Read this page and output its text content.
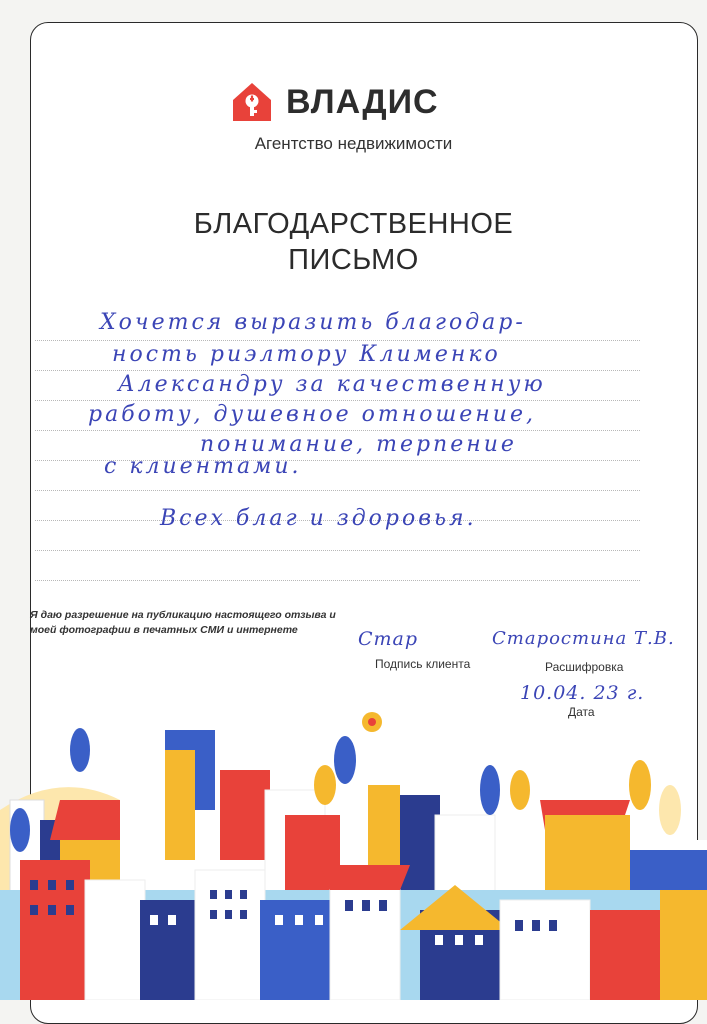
ВЛАДИС
Агентство недвижимости
БЛАГОДАРСТВЕННОЕ
ПИСЬМО
Хочется выразить благодар-
ность риэлтору Клименко
Александру за качественную
работу, душевное отношение,
понимание, терпение
с клиентами.
Всех благ и здоровья.
Я даю разрешение на публикацию настоящего отзыва и моей фотографии в печатных СМИ и интернете	Стар
Подпись клиента
Старостина Т.В.
Расшифровка
10.04. 23 г.
Дата
